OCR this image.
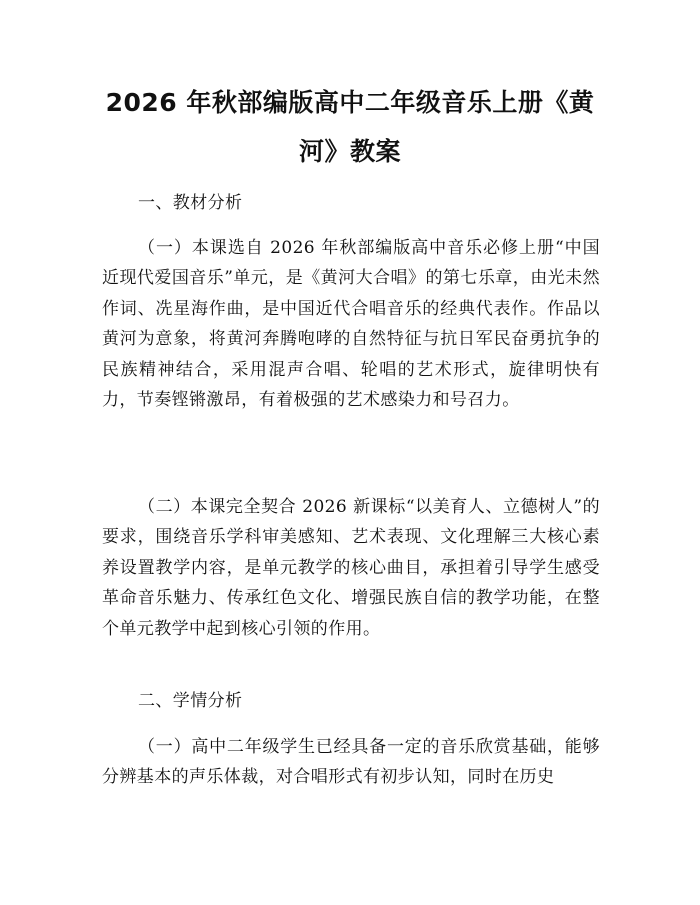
2026 年秋部编版高中二年级音乐上册《黄
河》教案
一、教材分析

（一）本课选自 2026 年秋部编版高中音乐必修上册“中国近现代爱国音乐”单元，是《黄河大合唱》的第七乐章，由光未然作词、冼星海作曲，是中国近代合唱音乐的经典代表作。作品以黄河为意象，将黄河奔腾咆哮的自然特征与抗日军民奋勇抗争的民族精神结合，采用混声合唱、轮唱的艺术形式，旋律明快有力，节奏铿锵激昂，有着极强的艺术感染力和号召力。

（二）本课完全契合 2026 新课标“以美育人、立德树人”的要求，围绕音乐学科审美感知、艺术表现、文化理解三大核心素养设置教学内容，是单元教学的核心曲目，承担着引导学生感受革命音乐魅力、传承红色文化、增强民族自信的教学功能，在整个单元教学中起到核心引领的作用。

二、学情分析

（一）高中二年级学生已经具备一定的音乐欣赏基础，能够分辨基本的声乐体裁，对合唱形式有初步认知，同时在历史
